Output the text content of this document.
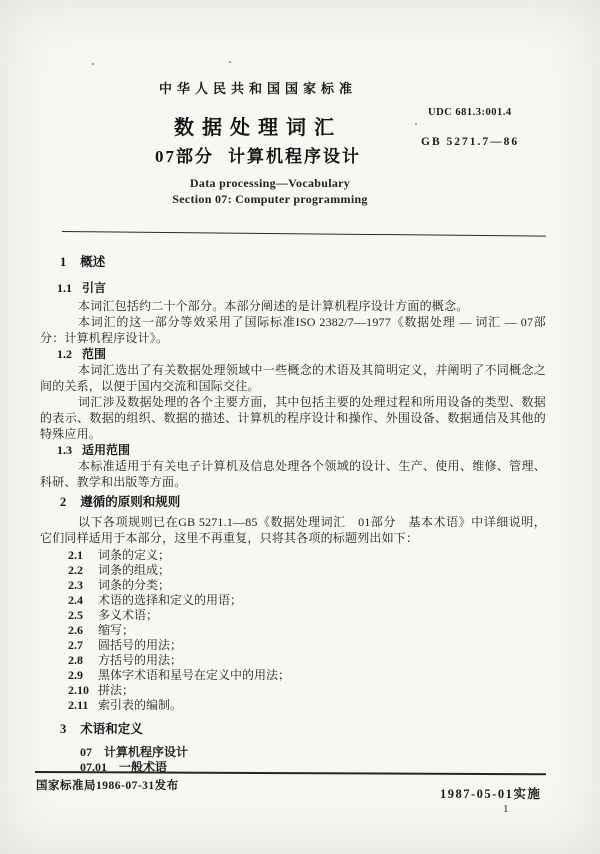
中华人民共和国国家标准
UDC 681.3:001.4
GB 5271.7—86
数据处理词汇
07部分 计算机程序设计
Data processing—Vocabulary
Section 07: Computer programming
1 概述
1.1 引言

本词汇包括约二十个部分。本部分阐述的是计算机程序设计方面的概念。

本词汇的这一部分等效采用了国际标准ISO 2382/7—1977《数据处理 — 词汇 — 07部分：计算机程序设计》。

1.2 范围

本词汇选出了有关数据处理领域中一些概念的术语及其简明定义，并阐明了不同概念之间的关系，以便于国内交流和国际交往。

词汇涉及数据处理的各个主要方面，其中包括主要的处理过程和所用设备的类型、数据的表示、数据的组织、数据的描述、计算机的程序设计和操作、外围设备、数据通信及其他的特殊应用。

1.3 适用范围

本标准适用于有关电子计算机及信息处理各个领域的设计、生产、使用、维修、管理、科研、教学和出版等方面。

2 遵循的原则和规则

以下各项规则已在GB 5271.1—85《数据处理词汇　01部分　基本术语》中详细说明，它们同样适用于本部分，这里不再重复，只将其各项的标题列出如下：

2.1 词条的定义；
2.2 词条的组成；
2.3 词条的分类；
2.4 术语的选择和定义的用语；
2.5 多义术语；
2.6 缩写；
2.7 圆括号的用法；
2.8 方括号的用法；
2.9 黑体字术语和星号在定义中的用法；
2.10 拼法；
2.11 索引表的编制。
3 术语和定义
07 计算机程序设计
07.01 一般术语
国家标准局1986-07-31发布
1987-05-01实施
1
